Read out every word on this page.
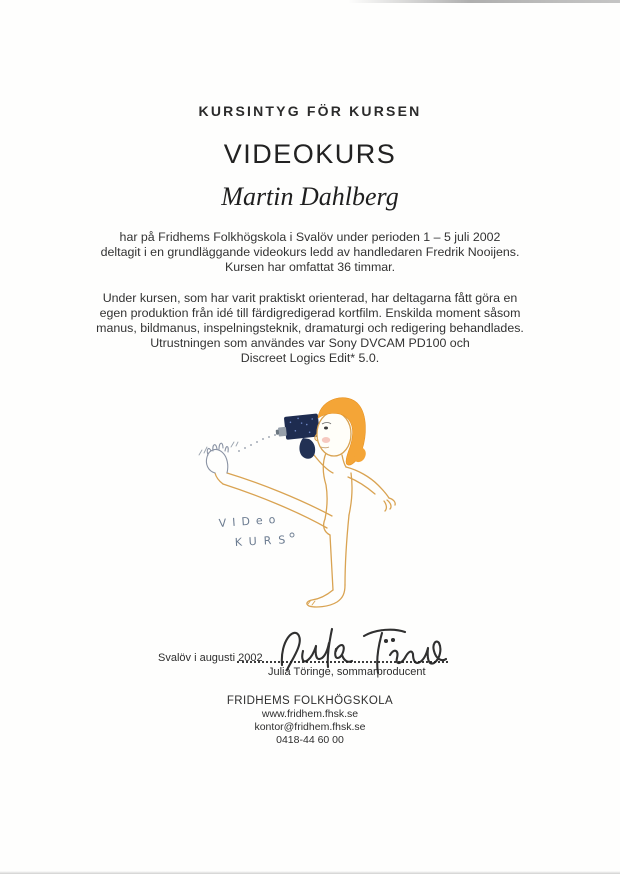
KURSINTYG FÖR KURSEN
VIDEOKURS
Martin Dahlberg
har på Fridhems Folkhögskola i Svalöv under perioden 1 – 5 juli 2002
deltagit i en grundläggande videokurs ledd av handledaren Fredrik Nooijens.
Kursen har omfattat 36 timmar.
Under kursen, som har varit praktiskt orienterad, har deltagarna fått göra en
egen produktion från idé till färdigredigerad kortfilm. Enskilda moment såsom
manus, bildmanus, inspelningsteknik, dramaturgi och redigering behandlades.
Utrustningen som användes var Sony DVCAM PD100 och
Discreet Logics Edit* 5.0.
VIDeo
KURS
Svalöv i augusti 2002
Julia Töringe, sommarproducent
FRIDHEMS FOLKHÖGSKOLA
www.fridhem.fhsk.se
kontor@fridhem.fhsk.se
0418-44 60 00
